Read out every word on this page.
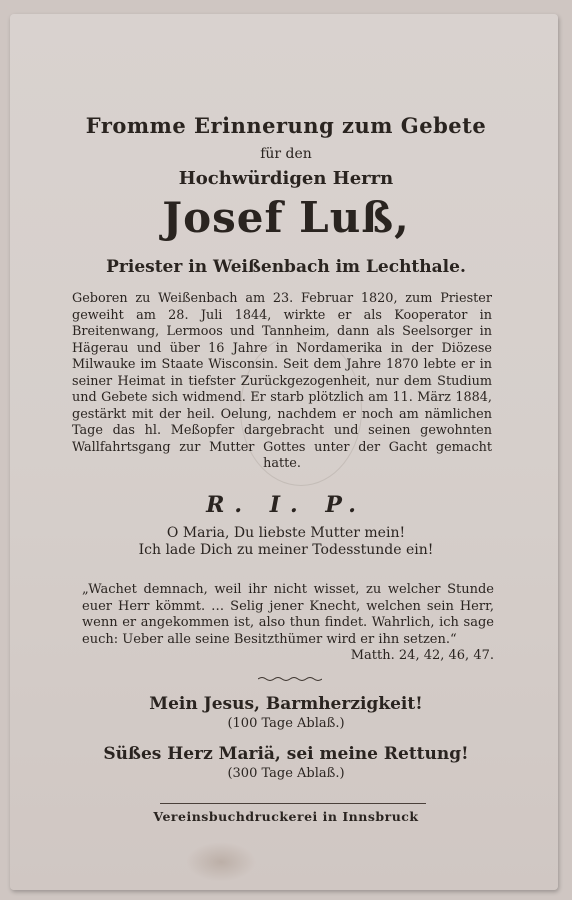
Fromme Erinnerung zum Gebete
für den
Hochwürdigen Herrn
Josef Luß,
Priester in Weißenbach im Lechthale.
Geboren zu Weißenbach am 23. Februar 1820, zum Priester geweiht am 28. Juli 1844, wirkte er als Kooperator in Breitenwang, Lermoos und Tannheim, dann als Seelsorger in Hägerau und über 16 Jahre in Nordamerika in der Diözese Milwauke im Staate Wisconsin. Seit dem Jahre 1870 lebte er in seiner Heimat in tiefster Zurückgezogenheit, nur dem Studium und Gebete sich widmend. Er starb plötzlich am 11. März 1884, gestärkt mit der heil. Oelung, nachdem er noch am nämlichen Tage das hl. Meßopfer dargebracht und seinen gewohnten Wallfahrtsgang zur Mutter Gottes unter der Gacht gemacht hatte.
R. I. P.
O Maria, Du liebste Mutter mein!
Ich lade Dich zu meiner Todesstunde ein!
„Wachet demnach, weil ihr nicht wisset, zu welcher Stunde euer Herr kömmt. … Selig jener Knecht, welchen sein Herr, wenn er angekommen ist, also thun findet. Wahrlich, ich sage euch: Ueber alle seine Besitzthümer wird er ihn setzen.“
Matth. 24, 42, 46, 47.
Mein Jesus, Barmherzigkeit!
(100 Tage Ablaß.)
Süßes Herz Mariä, sei meine Rettung!
(300 Tage Ablaß.)
Vereinsbuchdruckerei in Innsbruck
